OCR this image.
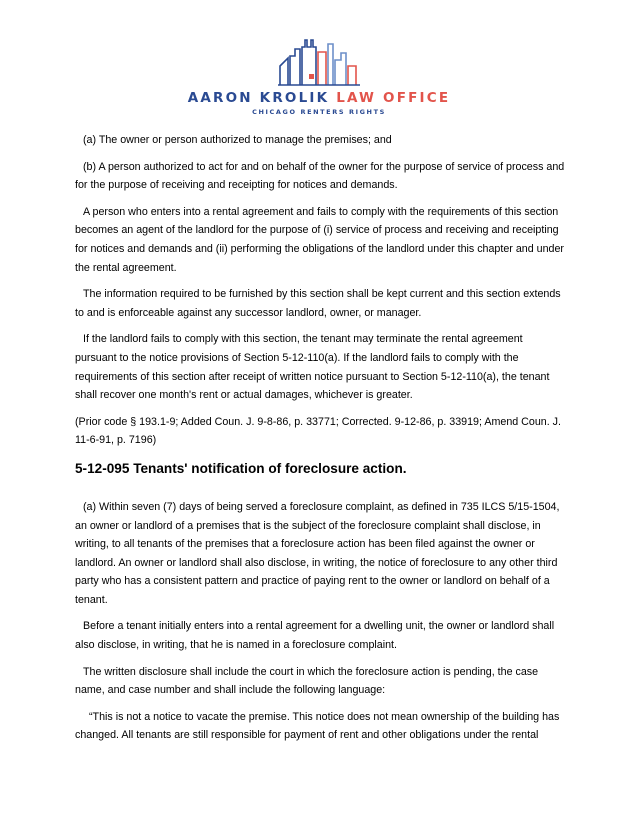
AARON KROLIK LAW OFFICE
CHICAGO RENTERS RIGHTS

(a) The owner or person authorized to manage the premises; and

(b) A person authorized to act for and on behalf of the owner for the purpose of service of process and for the purpose of receiving and receipting for notices and demands.

A person who enters into a rental agreement and fails to comply with the requirements of this section becomes an agent of the landlord for the purpose of (i) service of process and receiving and receipting for notices and demands and (ii) performing the obligations of the landlord under this chapter and under the rental agreement.

The information required to be furnished by this section shall be kept current and this section extends to and is enforceable against any successor landlord, owner, or manager.

If the landlord fails to comply with this section, the tenant may terminate the rental agreement pursuant to the notice provisions of Section 5-12-110(a). If the landlord fails to comply with the requirements of this section after receipt of written notice pursuant to Section 5-12-110(a), the tenant shall recover one month's rent or actual damages, whichever is greater.

(Prior code § 193.1-9; Added Coun. J. 9-8-86, p. 33771; Corrected. 9-12-86, p. 33919; Amend Coun. J. 11-6-91, p. 7196)

5-12-095 Tenants' notification of foreclosure action.

(a) Within seven (7) days of being served a foreclosure complaint, as defined in 735 ILCS 5/15-1504, an owner or landlord of a premises that is the subject of the foreclosure complaint shall disclose, in writing, to all tenants of the premises that a foreclosure action has been filed against the owner or landlord. An owner or landlord shall also disclose, in writing, the notice of foreclosure to any other third party who has a consistent pattern and practice of paying rent to the owner or landlord on behalf of a tenant.

Before a tenant initially enters into a rental agreement for a dwelling unit, the owner or landlord shall also disclose, in writing, that he is named in a foreclosure complaint.

The written disclosure shall include the court in which the foreclosure action is pending, the case name, and case number and shall include the following language:

“This is not a notice to vacate the premise. This notice does not mean ownership of the building has changed. All tenants are still responsible for payment of rent and other obligations under the rental
